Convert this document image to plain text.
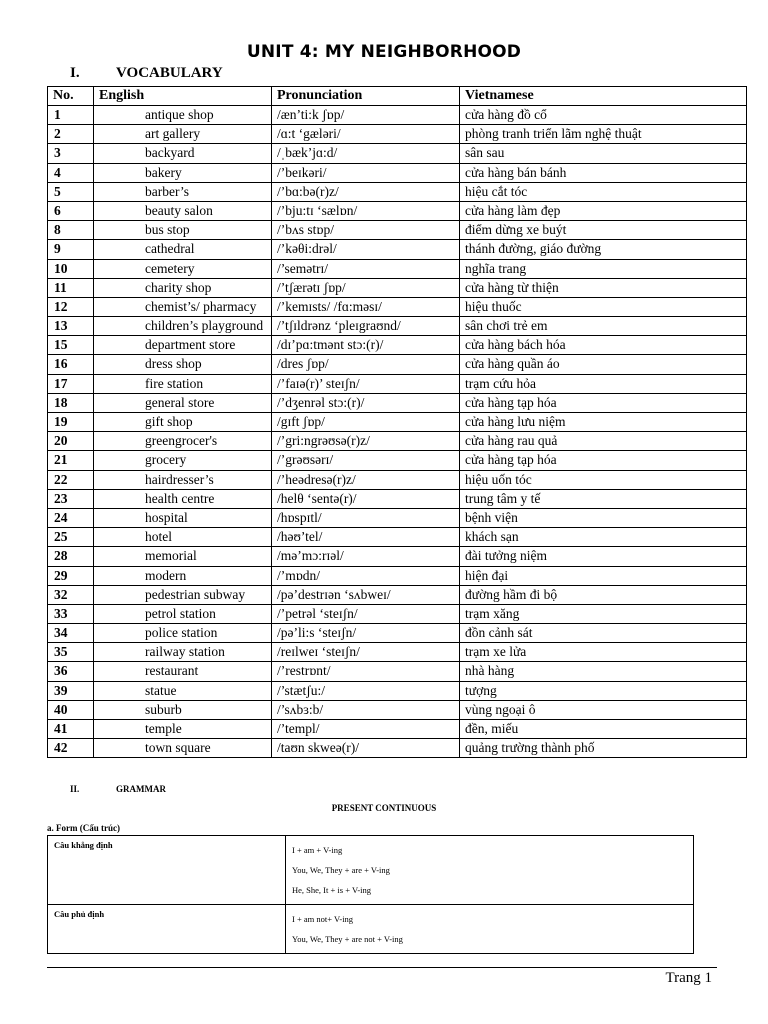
UNIT 4: MY NEIGHBORHOOD
I. VOCABULARY
No.	English	Pronunciation	Vietnamese
1	antique shop	/æn’ti:k ʃɒp/	cửa hàng đồ cổ
2	art gallery	/ɑ:t ‘gæləri/	phòng tranh triển lãm nghệ thuật
3	backyard	/ˌbæk’jɑ:d/	sân sau
4	bakery	/’beɪkəri/	cửa hàng bán bánh
5	barber’s	/’bɑ:bə(r)z/	hiệu cắt tóc
6	beauty salon	/’bju:tɪ ‘sælɒn/	cửa hàng làm đẹp
8	bus stop	/’bʌs stɒp/	điểm dừng xe buýt
9	cathedral	/’kəθi:drəl/	thánh đường, giáo đường
10	cemetery	/’semətrɪ/	nghĩa trang
11	charity shop	/’tʃærətɪ ʃɒp/	cửa hàng từ thiện
12	chemist’s/ pharmacy	/’kemɪsts/ /fɑ:məsɪ/	hiệu thuốc
13	children’s playground	/’tʃɪldrənz ‘pleɪgraʊnd/	sân chơi trẻ em
15	department store	/dɪ’pɑ:tmənt stɔ:(r)/	cửa hàng bách hóa
16	dress shop	/dres ʃɒp/	cửa hàng quần áo
17	fire station	/’faɪə(r)’ steɪʃn/	trạm cứu hỏa
18	general store	/’dʒenrəl stɔ:(r)/	cửa hàng tạp hóa
19	gift shop	/gɪft ʃɒp/	cửa hàng lưu niệm
20	greengrocer's	/’gri:ngrəʊsə(r)z/	cửa hàng rau quả
21	grocery	/’grəʊsərɪ/	cửa hàng tạp hóa
22	hairdresser’s	/’heədresə(r)z/	hiệu uốn tóc
23	health centre	/helθ ‘sentə(r)/	trung tâm y tế
24	hospital	/hɒspɪtl/	bệnh viện
25	hotel	/həʊ’tel/	khách sạn
28	memorial	/mə’mɔ:rɪəl/	đài tưởng niệm
29	modern	/’mɒdn/	hiện đại
32	pedestrian subway	/pə’destrɪən ‘sʌbweɪ/	đường hầm đi bộ
33	petrol station	/’petrəl ‘steɪʃn/	trạm xăng
34	police station	/pə’li:s ‘steɪʃn/	đồn cảnh sát
35	railway station	/reɪlweɪ ‘steɪʃn/	trạm xe lửa
36	restaurant	/’restrɒnt/	nhà hàng
39	statue	/’stætʃu:/	tượng
40	suburb	/’sʌbɜ:b/	vùng ngoại ô
41	temple	/’templ/	đền, miếu
42	town square	/taʊn skweə(r)/	quảng trường thành phố
II.	GRAMMAR
PRESENT CONTINUOUS
a. Form (Cấu trúc)
Câu khẳng định	I + am + V-ing
You, We, They + are + V-ing
He, She, It + is + V-ing

Câu phủ định	I + am not+ V-ing
You, We, They + are not + V-ing
Trang 1
